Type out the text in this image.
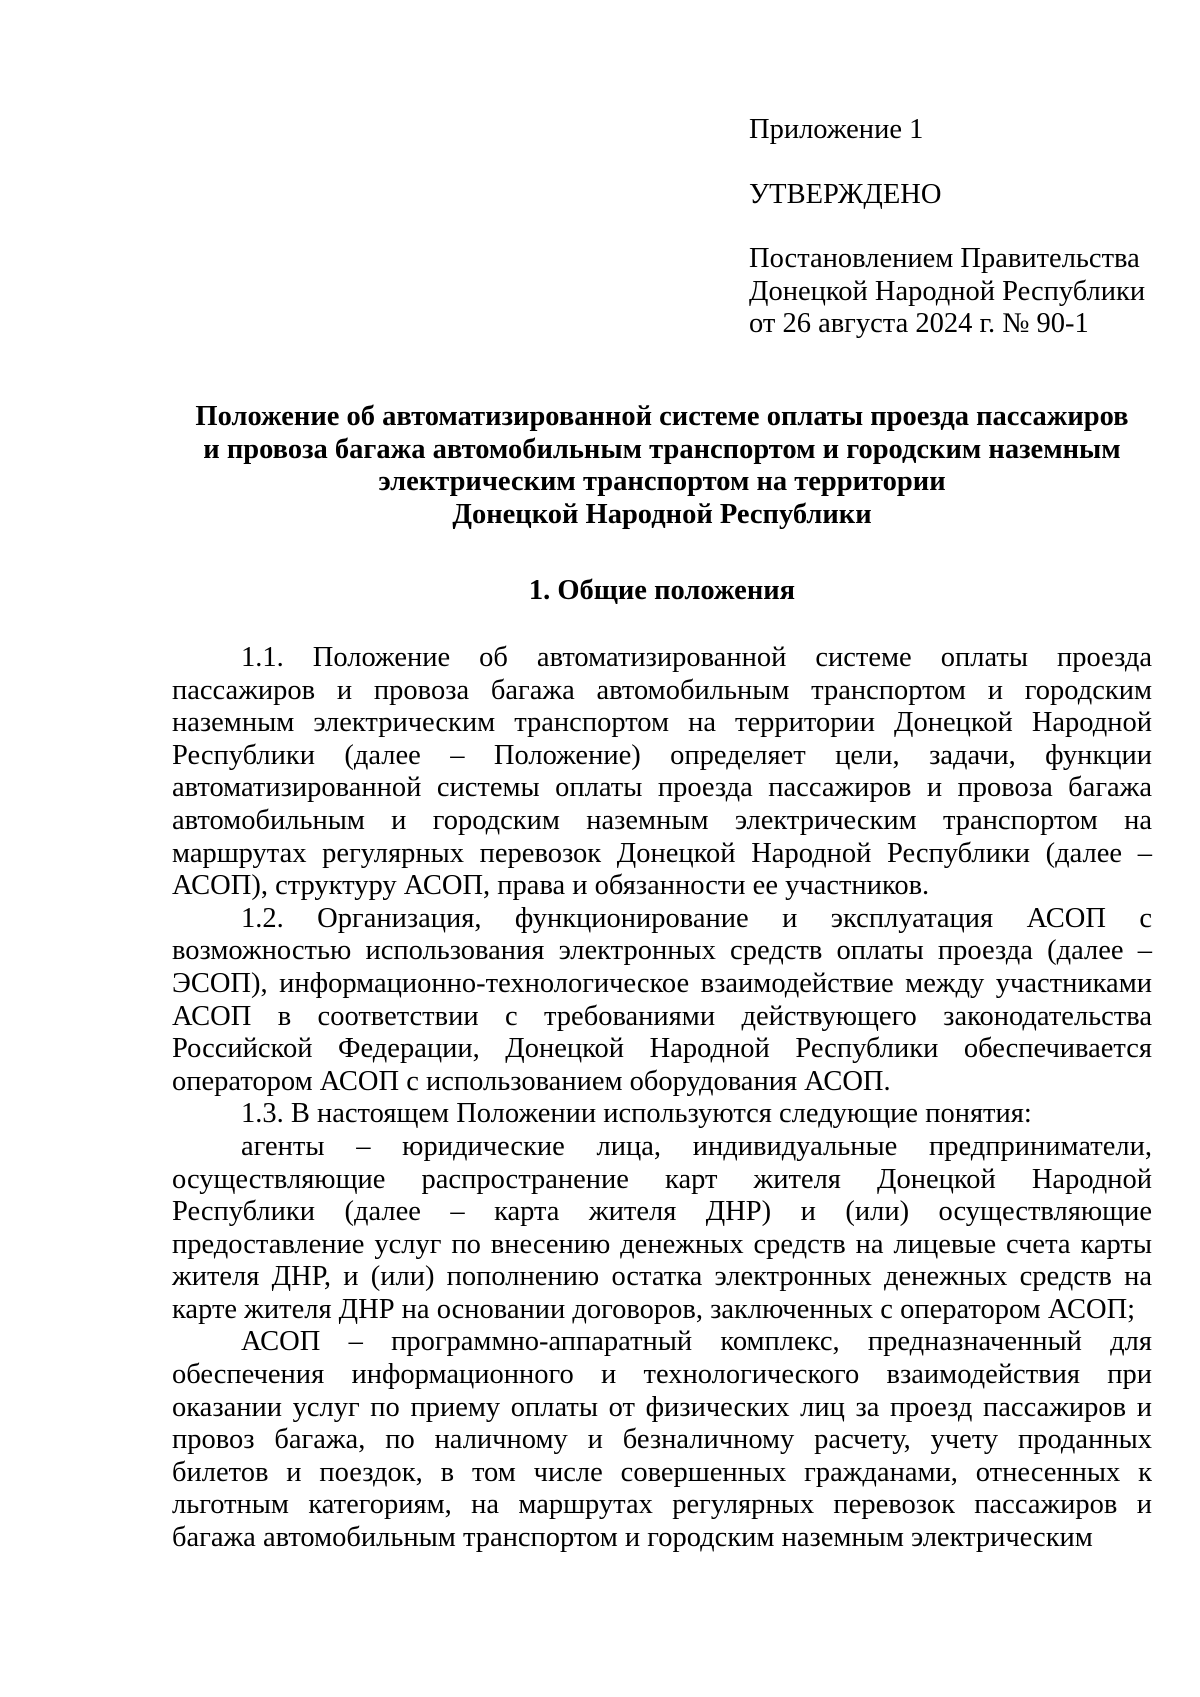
Приложение 1
УТВЕРЖДЕНО
Постановлением Правительства
Донецкой Народной Республики
от 26 августа 2024 г. № 90-1
Положение об автоматизированной системе оплаты проезда пассажиров
и провоза багажа автомобильным транспортом и городским наземным
электрическим транспортом на территории
Донецкой Народной Республики
1. Общие положения

1.1. Положение об автоматизированной системе оплаты проезда пассажиров и провоза багажа автомобильным транспортом и городским наземным электрическим транспортом на территории Донецкой Народной Республики (далее – Положение) определяет цели, задачи, функции автоматизированной системы оплаты проезда пассажиров и провоза багажа автомобильным и городским наземным электрическим транспортом на маршрутах регулярных перевозок Донецкой Народной Республики (далее – АСОП), структуру АСОП, права и обязанности ее участников.

1.2. Организация, функционирование и эксплуатация АСОП с возможностью использования электронных средств оплаты проезда (далее – ЭСОП), информационно-технологическое взаимодействие между участниками АСОП в соответствии с требованиями действующего законодательства Российской Федерации, Донецкой Народной Республики обеспечивается оператором АСОП с использованием оборудования АСОП.

1.3. В настоящем Положении используются следующие понятия:

агенты – юридические лица, индивидуальные предприниматели, осуществляющие распространение карт жителя Донецкой Народной Республики (далее – карта жителя ДНР) и (или) осуществляющие предоставление услуг по внесению денежных средств на лицевые счета карты жителя ДНР, и (или) пополнению остатка электронных денежных средств на карте жителя ДНР на основании договоров, заключенных с оператором АСОП;

АСОП – программно-аппаратный комплекс, предназначенный для обеспечения информационного и технологического взаимодействия при оказании услуг по приему оплаты от физических лиц за проезд пассажиров и провоз багажа, по наличному и безналичному расчету, учету проданных билетов и поездок, в том числе совершенных гражданами, отнесенных к льготным категориям, на маршрутах регулярных перевозок пассажиров и багажа автомобильным транспортом и городским наземным электрическим
